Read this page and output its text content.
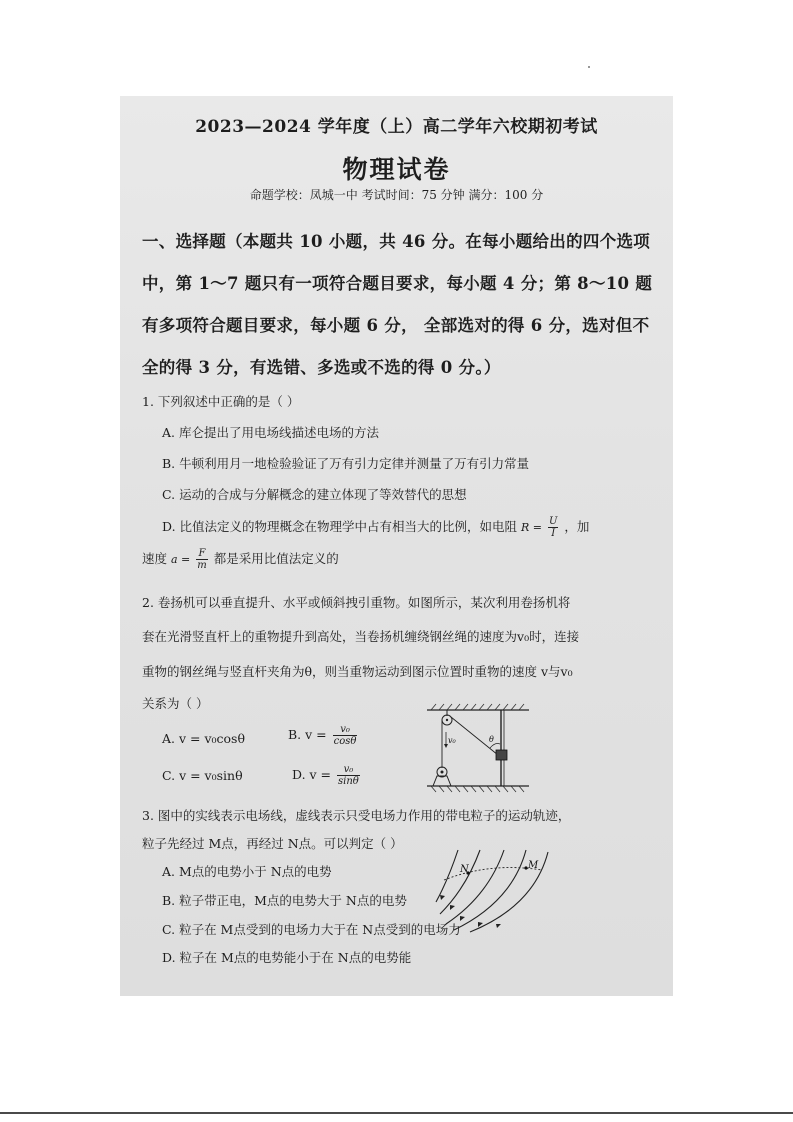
2023—2024 学年度（上）高二学年六校期初考试
物理试卷
命题学校：凤城一中 考试时间：75 分钟 满分：100 分
一、选择题（本题共 10 小题，共 46 分。在每小题给出的四个选项
中，第 1～7 题只有一项符合题目要求，每小题 4 分；第 8～10 题
有多项符合题目要求，每小题 6 分， 全部选对的得 6 分，选对但不
全的得 3 分，有选错、多选或不选的得 0 分。）
1. 下列叙述中正确的是（ ）
A. 库仑提出了用电场线描述电场的方法
B. 牛顿利用月一地检验验证了万有引力定律并测量了万有引力常量
C. 运动的合成与分解概念的建立体现了等效替代的思想
D. 比值法定义的物理概念在物理学中占有相当大的比例，如电阻 $R = \frac{U}{I}$ ，加
速度 $a = \frac{F}{m}$ 都是采用比值法定义的
2. 卷扬机可以垂直提升、水平或倾斜拽引重物。如图所示，某次利用卷扬机将
套在光滑竖直杆上的重物提升到高处，当卷扬机缠绕钢丝绳的速度为v₀时，连接
重物的钢丝绳与竖直杆夹角为θ，则当重物运动到图示位置时重物的速度 v与v₀
关系为（ ）
A. v = v₀cosθ	B. $v = \frac{\text{v₀}}{\cos\theta}$
C. v = v₀sinθ	D. $v = \frac{\text{v₀}}{\sin\theta}$
v₀	θ
3. 图中的实线表示电场线，虚线表示只受电场力作用的带电粒子的运动轨迹，
粒子先经过 M点，再经过 N点。可以判定（ ）
A. M点的电势小于 N点的电势
B. 粒子带正电，M点的电势大于 N点的电势
C. 粒子在 M点受到的电场力大于在 N点受到的电场力
D. 粒子在 M点的电势能小于在 N点的电势能
N	M
